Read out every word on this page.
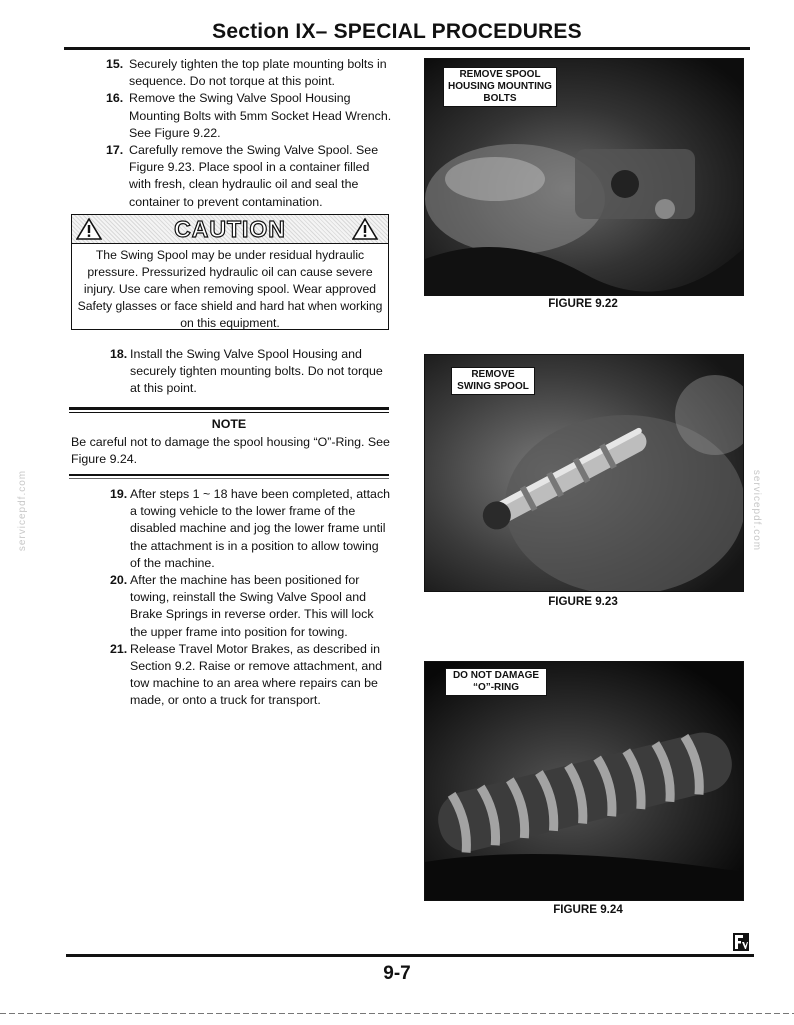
Section IX– SPECIAL PROCEDURES
15. Securely tighten the top plate mounting bolts in sequence. Do not torque at this point.
16. Remove the Swing Valve Spool Housing Mounting Bolts with 5mm Socket Head Wrench. See Figure 9.22.
17. Carefully remove the Swing Valve Spool. See Figure 9.23. Place spool in a container filled with fresh, clean hydraulic oil and seal the container to prevent contamination.
CAUTION
The Swing Spool may be under residual hydraulic pressure. Pressurized hydraulic oil can cause severe injury. Use care when removing spool. Wear approved Safety glasses or face shield and hard hat when working on this equipment.
18. Install the Swing Valve Spool Housing and securely tighten mounting bolts. Do not torque at this point.
NOTE
Be careful not to damage the spool housing “O”-Ring. See Figure 9.24.
19. After steps 1 ~ 18 have been completed, attach a towing vehicle to the lower frame of the disabled machine and jog the lower frame until the attachment is in a position to allow towing of the machine.
20. After the machine has been positioned for towing, reinstall the Swing Valve Spool and Brake Springs in reverse order. This will lock the upper frame into position for towing.
21. Release Travel Motor Brakes, as described in Section 9.2. Raise or remove attachment, and tow machine to an area where repairs can be made, or onto a truck for transport.
REMOVE SPOOL
HOUSING MOUNTING
BOLTS
FIGURE 9.22
REMOVE
SWING SPOOL
FIGURE 9.23
DO NOT DAMAGE
“O”-RING
FIGURE 9.24
servicepdf.com	servicepdf.com
9-7
